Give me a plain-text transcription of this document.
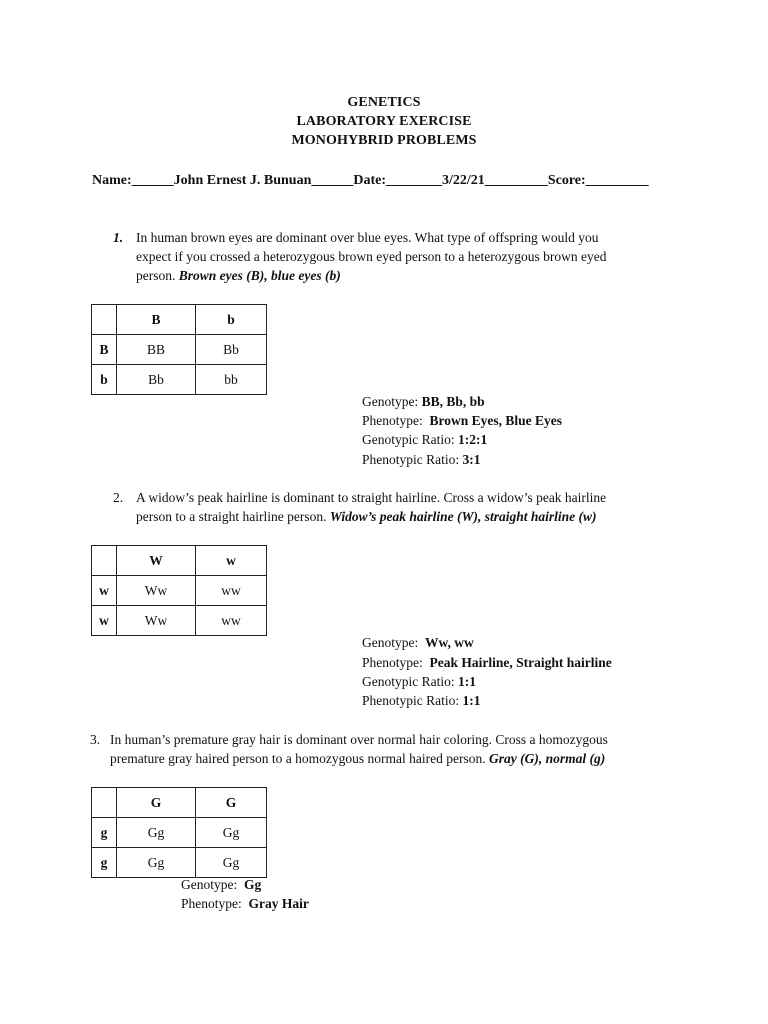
GENETICS
LABORATORY EXERCISE
MONOHYBRID PROBLEMS
Name:______John Ernest J. Bunuan______Date:________3/22/21_________Score:_________
1. In human brown eyes are dominant over blue eyes. What type of offspring would you
expect if you crossed a heterozygous brown eyed person to a heterozygous brown eyed
person. Brown eyes (B), blue eyes (b)
	B	b
B	BB	Bb
b	Bb	bb
Genotype: BB, Bb, bb
Phenotype: Brown Eyes, Blue Eyes
Genotypic Ratio: 1:2:1
Phenotypic Ratio: 3:1
2. A widow’s peak hairline is dominant to straight hairline. Cross a widow’s peak hairline
person to a straight hairline person. Widow’s peak hairline (W), straight hairline (w)
	W	w
w	Ww	ww
w	Ww	ww
Genotype: Ww, ww
Phenotype: Peak Hairline, Straight hairline
Genotypic Ratio: 1:1
Phenotypic Ratio: 1:1
3. In human’s premature gray hair is dominant over normal hair coloring. Cross a homozygous
premature gray haired person to a homozygous normal haired person. Gray (G), normal (g)
	G	G
g	Gg	Gg
g	Gg	Gg
Genotype: Gg
Phenotype: Gray Hair
